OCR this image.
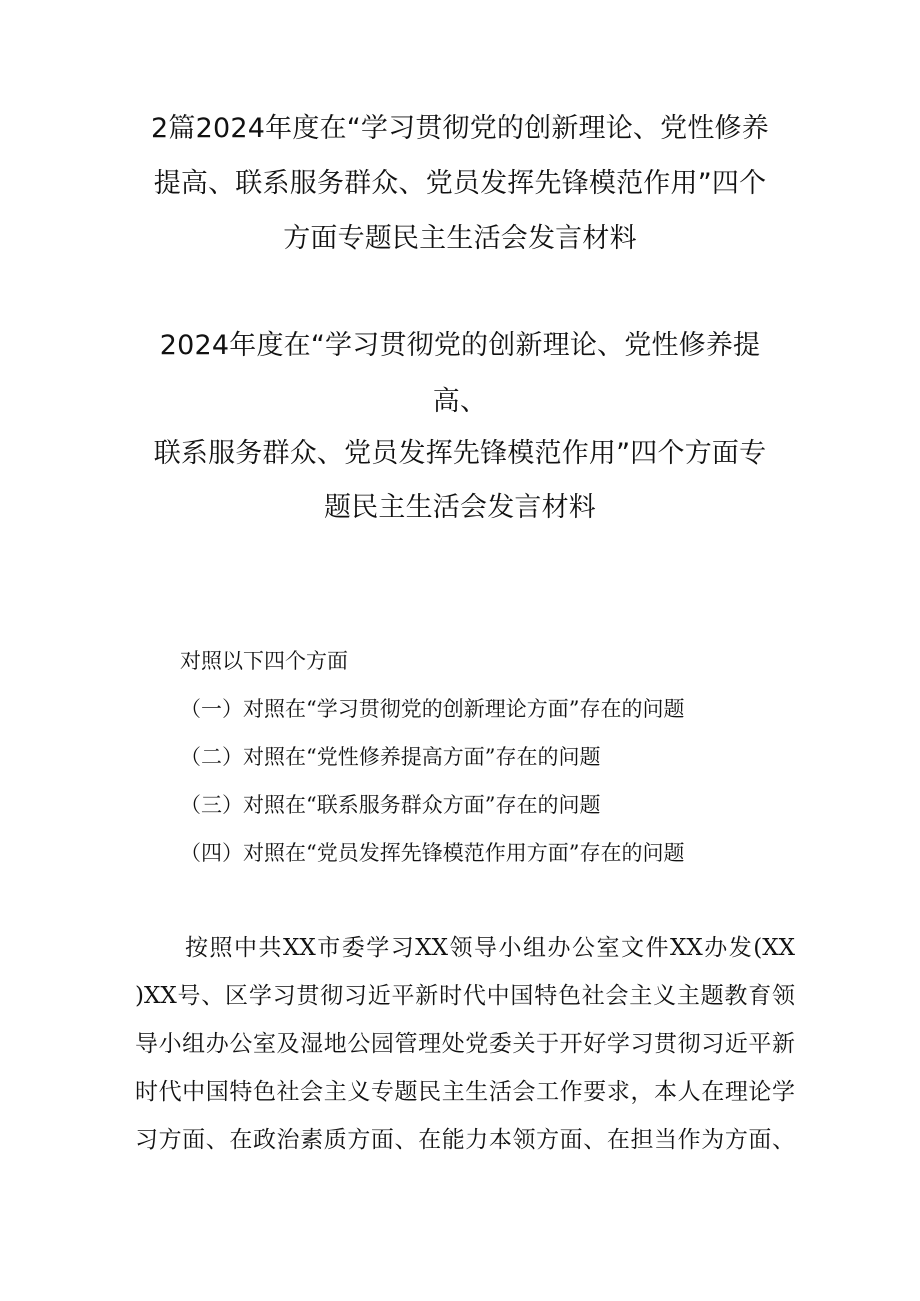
2篇2024年度在“学习贯彻党的创新理论、党性修养
提高、联系服务群众、党员发挥先锋模范作用”四个
方面专题民主生活会发言材料
2024年度在“学习贯彻党的创新理论、党性修养提
高、
联系服务群众、党员发挥先锋模范作用”四个方面专
题民主生活会发言材料
对照以下四个方面
（一）对照在“学习贯彻党的创新理论方面”存在的问题
（二）对照在“党性修养提高方面”存在的问题
（三）对照在“联系服务群众方面”存在的问题
（四）对照在“党员发挥先锋模范作用方面”存在的问题
按照中共XX市委学习XX领导小组办公室文件XX办发(XX
)XX号、区学习贯彻习近平新时代中国特色社会主义主题教育领
导小组办公室及湿地公园管理处党委关于开好学习贯彻习近平新
时代中国特色社会主义专题民主生活会工作要求，本人在理论学
习方面、在政治素质方面、在能力本领方面、在担当作为方面、
